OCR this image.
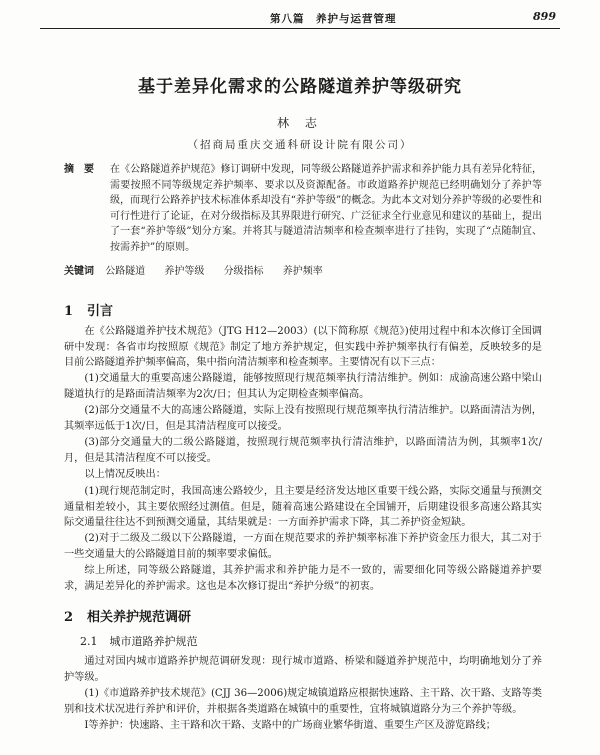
第八篇　养护与运营管理	899
基于差异化需求的公路隧道养护等级研究
林 志
（招商局重庆交通科研设计院有限公司）
摘要 在《公路隧道养护规范》修订调研中发现，同等级公路隧道养护需求和养护能力具有差异化特征，需要按照不同等级规定养护频率、要求以及资源配备。市政道路养护规范已经明确划分了养护等级，而现行公路养护技术标准体系却没有“养护等级”的概念。为此本文对划分养护等级的必要性和可行性进行了论证，在对分级指标及其界限进行研究、广泛征求全行业意见和建议的基础上，提出了一套“养护等级”划分方案。并将其与隧道清洁频率和检查频率进行了挂钩，实现了“点随制宜、按需养护”的原则。
关键词 公路隧道 养护等级 分级指标 养护频率
1 引言
在《公路隧道养护技术规范》（JTG H12—2003）(以下简称原《规范》)使用过程中和本次修订全国调研中发现：各省市均按照原《规范》制定了地方养护规定，但实践中养护频率执行有偏差，反映较多的是目前公路隧道养护频率偏高，集中指向清洁频率和检查频率。主要情况有以下三点：
(1)交通量大的重要高速公路隧道，能够按照现行规范频率执行清洁维护。例如：成渝高速公路中梁山隧道执行的是路面清洁频率为2次/日；但其认为定期检查频率偏高。
(2)部分交通量不大的高速公路隧道，实际上没有按照现行规范频率执行清洁维护。以路面清洁为例，其频率远低于1次/日，但是其清洁程度可以接受。
(3)部分交通量大的二级公路隧道，按照现行规范频率执行清洁维护，以路面清洁为例，其频率1次/月，但是其清洁程度不可以接受。
以上情况反映出：
(1)现行规范制定时，我国高速公路较少，且主要是经济发达地区重要干线公路，实际交通量与预测交通量相差较小，其主要依照经过测值。但是，随着高速公路建设在全国铺开，后期建设很多高速公路其实际交通量往往达不到预测交通量，其结果就是：一方面养护需求下降，其二养护资金短缺。
(2)对于二级及二级以下公路隧道，一方面在规范要求的养护频率标准下养护资金压力很大，其二对于一些交通量大的公路隧道目前的频率要求偏低。
综上所述，同等级公路隧道，其养护需求和养护能力是不一致的，需要细化同等级公路隧道养护要求，满足差异化的养护需求。这也是本次修订提出“养护分级”的初衷。
2 相关养护规范调研
2.1 城市道路养护规范
通过对国内城市道路养护规范调研发现：现行城市道路、桥梁和隧道养护规范中，均明确地划分了养护等级。
(1)《市道路养护技术规范》(CJJ 36—2006)规定城镇道路应根据快速路、主干路、次干路、支路等类别和技术状况进行养护和评价，并根据各类道路在城镇中的重要性，宜将城镇道路分为三个养护等级。
Ⅰ等养护：快速路、主干路和次干路、支路中的广场商业繁华街道、重要生产区及游览路线；
